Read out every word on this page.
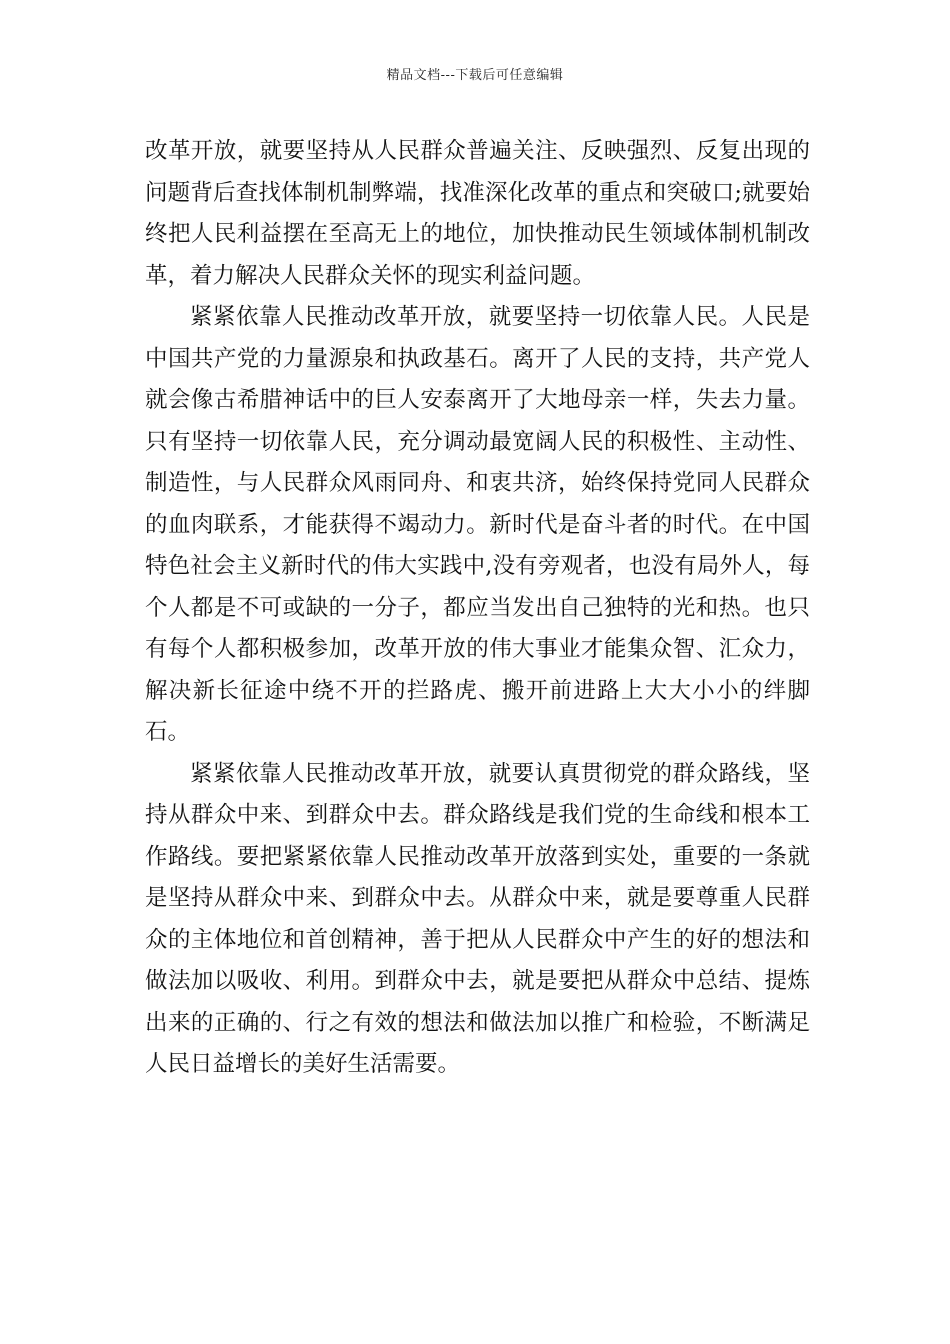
精品文档---下载后可任意编辑

改革开放，就要坚持从人民群众普遍关注、反映强烈、反复出现的问题背后查找体制机制弊端，找准深化改革的重点和突破口;就要始终把人民利益摆在至高无上的地位，加快推动民生领域体制机制改革，着力解决人民群众关怀的现实利益问题。

紧紧依靠人民推动改革开放，就要坚持一切依靠人民。人民是中国共产党的力量源泉和执政基石。离开了人民的支持，共产党人就会像古希腊神话中的巨人安泰离开了大地母亲一样，失去力量。只有坚持一切依靠人民，充分调动最宽阔人民的积极性、主动性、制造性，与人民群众风雨同舟、和衷共济，始终保持党同人民群众的血肉联系，才能获得不竭动力。新时代是奋斗者的时代。在中国特色社会主义新时代的伟大实践中,没有旁观者，也没有局外人，每个人都是不可或缺的一分子，都应当发出自己独特的光和热。也只有每个人都积极参加，改革开放的伟大事业才能集众智、汇众力，解决新长征途中绕不开的拦路虎、搬开前进路上大大小小的绊脚石。

紧紧依靠人民推动改革开放，就要认真贯彻党的群众路线，坚持从群众中来、到群众中去。群众路线是我们党的生命线和根本工作路线。要把紧紧依靠人民推动改革开放落到实处，重要的一条就是坚持从群众中来、到群众中去。从群众中来，就是要尊重人民群众的主体地位和首创精神，善于把从人民群众中产生的好的想法和做法加以吸收、利用。到群众中去，就是要把从群众中总结、提炼出来的正确的、行之有效的想法和做法加以推广和检验，不断满足人民日益增长的美好生活需要。
